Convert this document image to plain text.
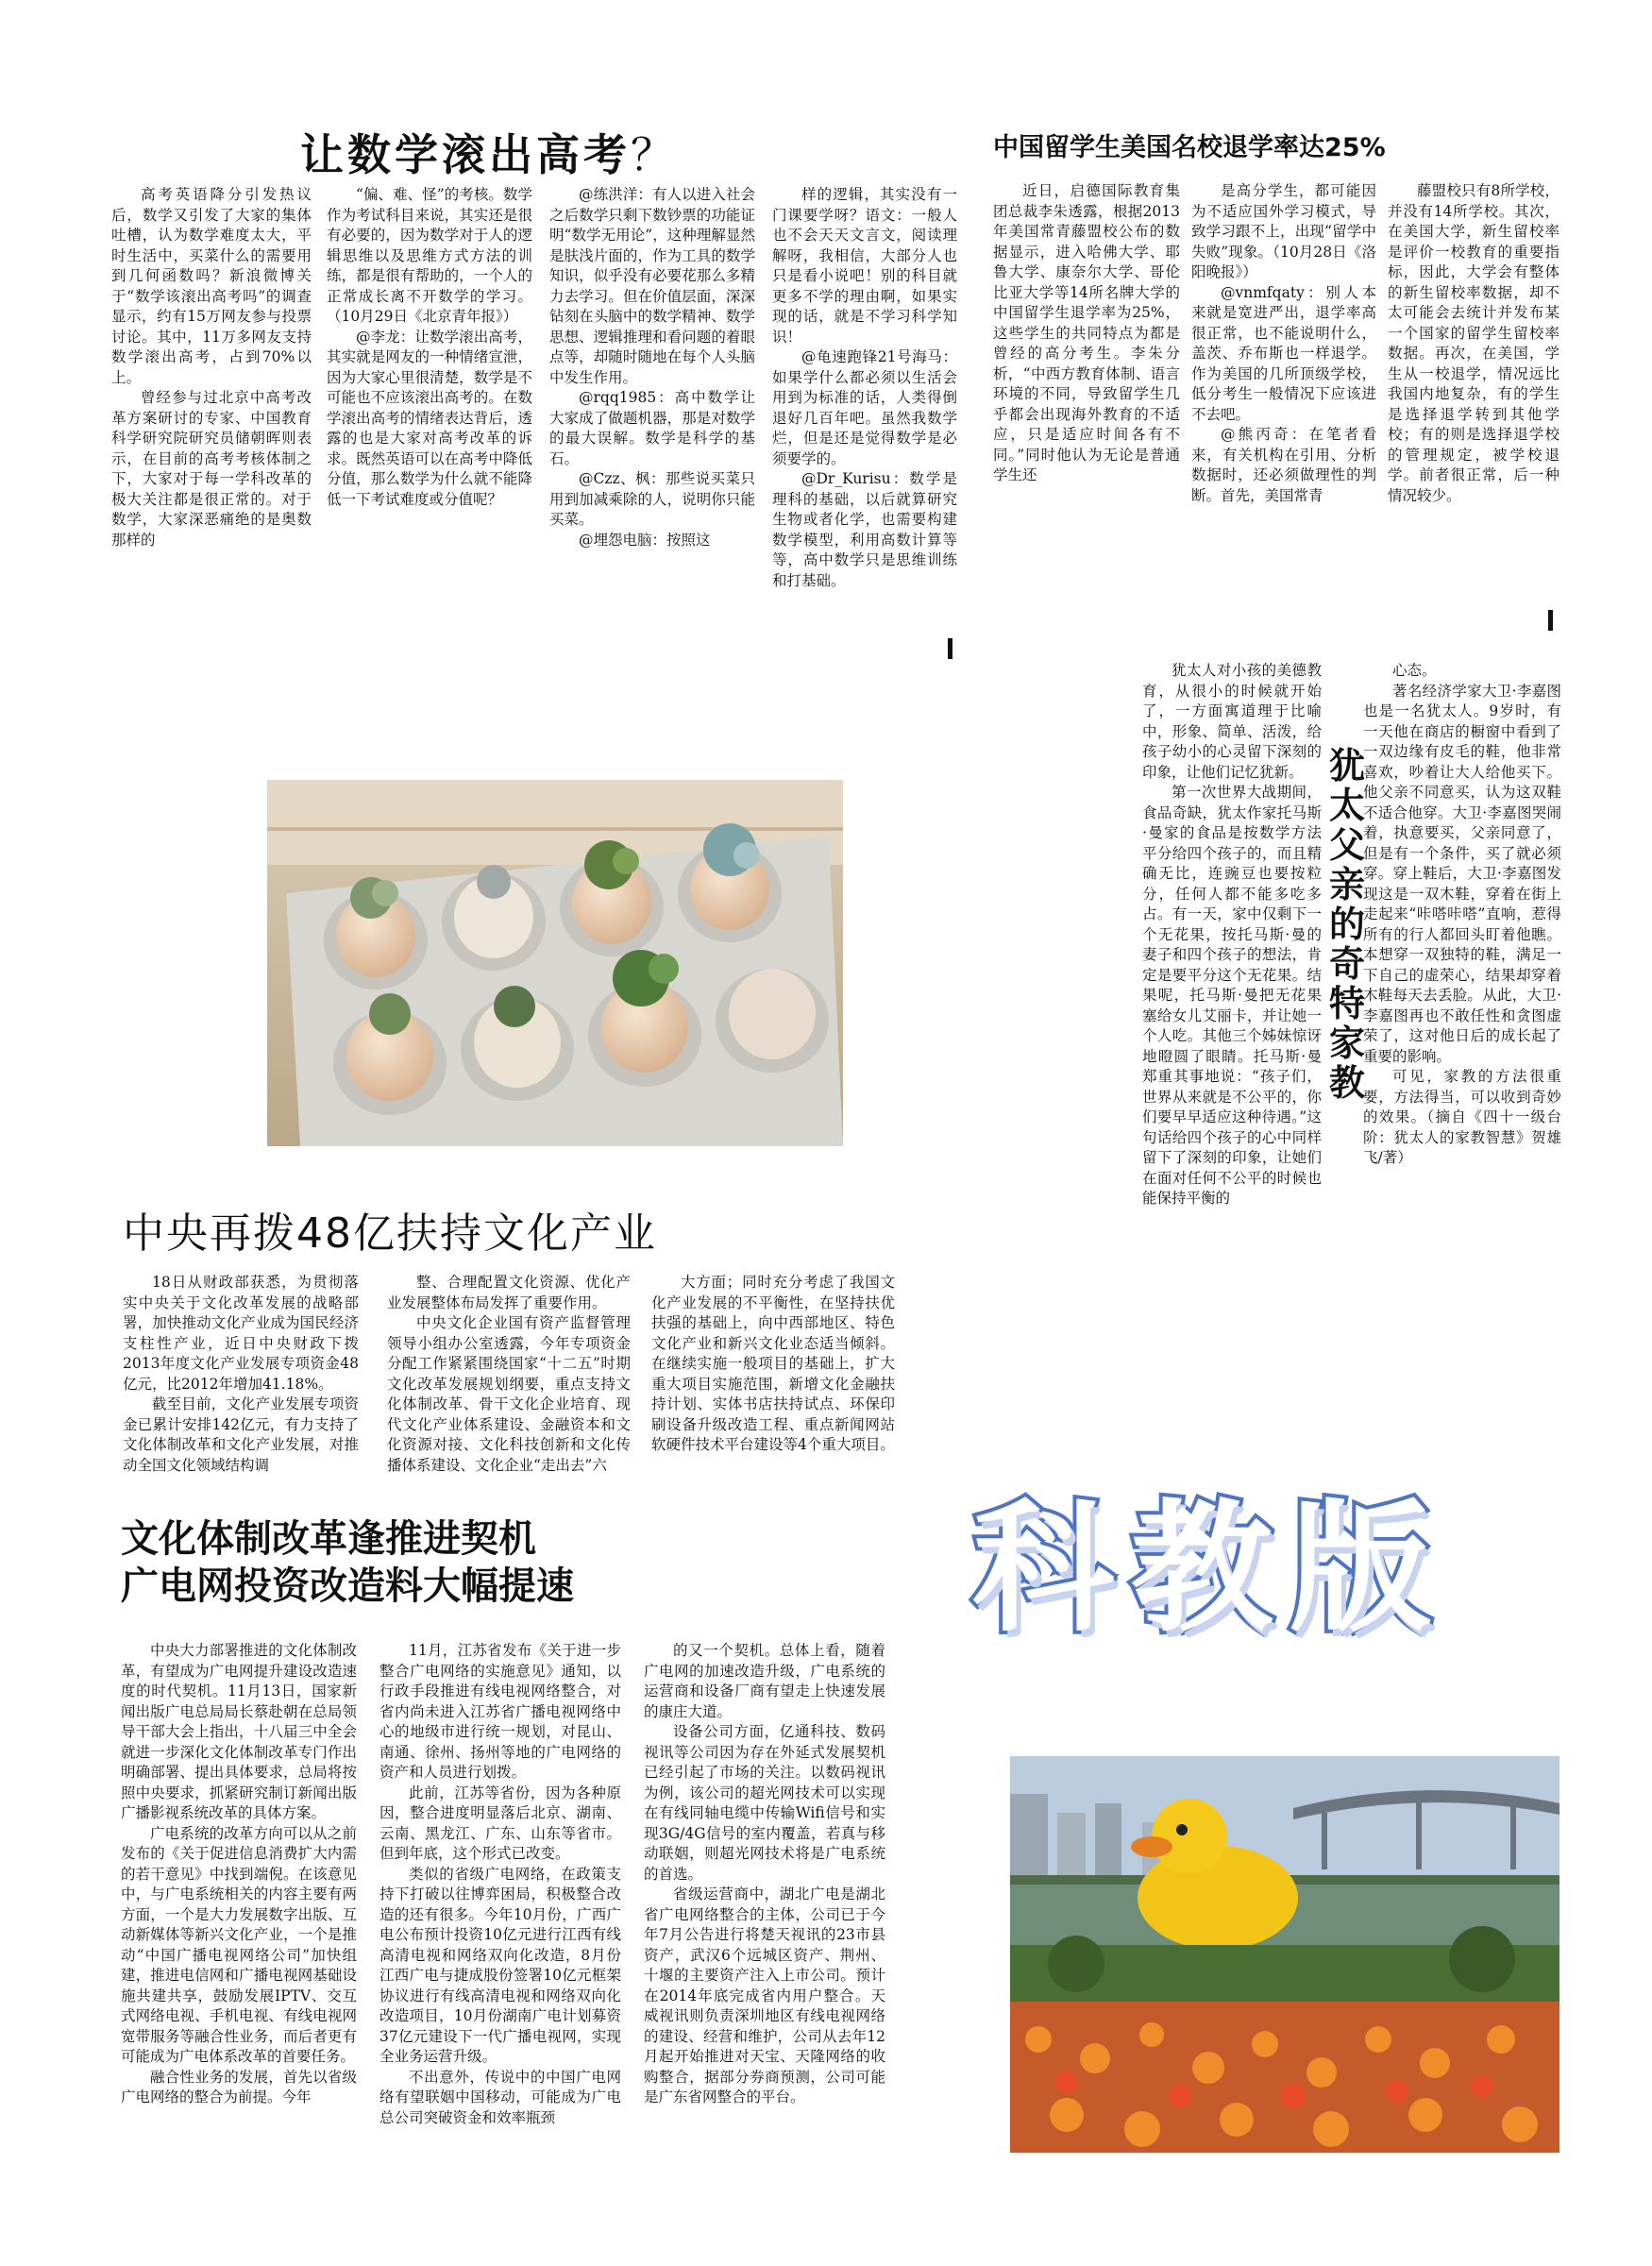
让数学滚出高考？

高考英语降分引发热议后，数学又引发了大家的集体吐槽，认为数学难度太大，平时生活中，买菜什么的需要用到几何函数吗？新浪微博关于“数学该滚出高考吗”的调查显示，约有15万网友参与投票讨论。其中，11万多网友支持数学滚出高考，占到70%以上。

曾经参与过北京中高考改革方案研讨的专家、中国教育科学研究院研究员储朝晖则表示，在目前的高考考核体制之下，大家对于每一学科改革的极大关注都是很正常的。对于数学，大家深恶痛绝的是奥数那样的

“偏、难、怪”的考核。数学作为考试科目来说，其实还是很有必要的，因为数学对于人的逻辑思维以及思维方式方法的训练，都是很有帮助的，一个人的正常成长离不开数学的学习。（10月29日《北京青年报》）

@李龙：让数学滚出高考，其实就是网友的一种情绪宣泄，因为大家心里很清楚，数学是不可能也不应该滚出高考的。在数学滚出高考的情绪表达背后，透露的也是大家对高考改革的诉求。既然英语可以在高考中降低分值，那么数学为什么就不能降低一下考试难度或分值呢？

@练洪洋：有人以进入社会之后数学只剩下数钞票的功能证明“数学无用论”，这种理解显然是肤浅片面的，作为工具的数学知识，似乎没有必要花那么多精力去学习。但在价值层面，深深钻刻在头脑中的数学精神、数学思想、逻辑推理和看问题的着眼点等，却随时随地在每个人头脑中发生作用。

@rqq1985：高中数学让大家成了做题机器，那是对数学的最大误解。数学是科学的基石。

@Czz、枫：那些说买菜只用到加减乘除的人，说明你只能买菜。

@埋怨电脑：按照这

样的逻辑，其实没有一门课要学呀？语文：一般人也不会天天文言文，阅读理解呀，我相信，大部分人也只是看小说吧！别的科目就更多不学的理由啊，如果实现的话，就是不学习科学知识！

@龟速跑锋21号海马：如果学什么都必须以生活会用到为标准的话，人类得倒退好几百年吧。虽然我数学烂，但是还是觉得数学是必须要学的。

@Dr_Kurisu：数学是理科的基础，以后就算研究生物或者化学，也需要构建数学模型，利用高数计算等等，高中数学只是思维训练和打基础。

中国留学生美国名校退学率达25%

近日，启德国际教育集团总裁李朱透露，根据2013年美国常青藤盟校公布的数据显示，进入哈佛大学、耶鲁大学、康奈尔大学、哥伦比亚大学等14所名牌大学的中国留学生退学率为25%，这些学生的共同特点为都是曾经的高分考生。李朱分析，“中西方教育体制、语言环境的不同，导致留学生几乎都会出现海外教育的不适应，只是适应时间各有不同。”同时他认为无论是普通学生还

是高分学生，都可能因为不适应国外学习模式，导致学习跟不上，出现“留学中失败”现象。（10月28日《洛阳晚报》）

@vnmfqaty：别人本来就是宽进严出，退学率高很正常，也不能说明什么，盖茨、乔布斯也一样退学。作为美国的几所顶级学校，低分考生一般情况下应该进不去吧。

@熊丙奇：在笔者看来，有关机构在引用、分析数据时，还必须做理性的判断。首先，美国常青

藤盟校只有8所学校，并没有14所学校。其次，在美国大学，新生留校率是评价一校教育的重要指标，因此，大学会有整体的新生留校率数据，却不太可能会去统计并发布某一个国家的留学生留校率数据。再次，在美国，学生从一校退学，情况远比我国内地复杂，有的学生是选择退学转到其他学校；有的则是选择退学校的管理规定，被学校退学。前者很正常，后一种情况较少。

犹太人对小孩的美德教育，从很小的时候就开始了，一方面寓道理于比喻中，形象、简单、活泼，给孩子幼小的心灵留下深刻的印象，让他们记忆犹新。

第一次世界大战期间，食品奇缺，犹太作家托马斯·曼家的食品是按数学方法平分给四个孩子的，而且精确无比，连豌豆也要按粒分，任何人都不能多吃多占。有一天，家中仅剩下一个无花果，按托马斯·曼的妻子和四个孩子的想法，肯定是要平分这个无花果。结果呢，托马斯·曼把无花果塞给女儿艾丽卡，并让她一个人吃。其他三个姊妹惊讶地瞪圆了眼睛。托马斯·曼郑重其事地说：“孩子们，世界从来就是不公平的，你们要早早适应这种待遇。”这句话给四个孩子的心中同样留下了深刻的印象，让她们在面对任何不公平的时候也能保持平衡的

犹太父亲的奇特家教

心态。

著名经济学家大卫·李嘉图也是一名犹太人。9岁时，有一天他在商店的橱窗中看到了一双边缘有皮毛的鞋，他非常喜欢，吵着让大人给他买下。他父亲不同意买，认为这双鞋不适合他穿。大卫·李嘉图哭闹着，执意要买，父亲同意了，但是有一个条件，买了就必须穿。穿上鞋后，大卫·李嘉图发现这是一双木鞋，穿着在街上走起来“咔嗒咔嗒”直响，惹得所有的行人都回头盯着他瞧。本想穿一双独特的鞋，满足一下自己的虚荣心，结果却穿着木鞋每天去丢脸。从此，大卫·李嘉图再也不敢任性和贪图虚荣了，这对他日后的成长起了重要的影响。

可见，家教的方法很重要，方法得当，可以收到奇妙的效果。（摘自《四十一级台阶：犹太人的家教智慧》贺雄飞/著）

中央再拨48亿扶持文化产业

18日从财政部获悉，为贯彻落实中央关于文化改革发展的战略部署，加快推动文化产业成为国民经济支柱性产业，近日中央财政下拨2013年度文化产业发展专项资金48亿元，比2012年增加41.18%。

截至目前，文化产业发展专项资金已累计安排142亿元，有力支持了文化体制改革和文化产业发展，对推动全国文化领域结构调

整、合理配置文化资源、优化产业发展整体布局发挥了重要作用。

中央文化企业国有资产监督管理领导小组办公室透露，今年专项资金分配工作紧紧围绕国家“十二五”时期文化改革发展规划纲要，重点支持文化体制改革、骨干文化企业培育、现代文化产业体系建设、金融资本和文化资源对接、文化科技创新和文化传播体系建设、文化企业“走出去”六

大方面；同时充分考虑了我国文化产业发展的不平衡性，在坚持扶优扶强的基础上，向中西部地区、特色文化产业和新兴文化业态适当倾斜。在继续实施一般项目的基础上，扩大重大项目实施范围，新增文化金融扶持计划、实体书店扶持试点、环保印刷设备升级改造工程、重点新闻网站软硬件技术平台建设等4个重大项目。

科教版
文化体制改革逢推进契机
广电网投资改造料大幅提速

中央大力部署推进的文化体制改革，有望成为广电网提升建设改造速度的时代契机。11月13日，国家新闻出版广电总局局长蔡赴朝在总局领导干部大会上指出，十八届三中全会就进一步深化文化体制改革专门作出明确部署、提出具体要求，总局将按照中央要求，抓紧研究制订新闻出版广播影视系统改革的具体方案。

广电系统的改革方向可以从之前发布的《关于促进信息消费扩大内需的若干意见》中找到端倪。在该意见中，与广电系统相关的内容主要有两方面，一个是大力发展数字出版、互动新媒体等新兴文化产业，一个是推动“中国广播电视网络公司”加快组建，推进电信网和广播电视网基础设施共建共享，鼓励发展IPTV、交互式网络电视、手机电视、有线电视网宽带服务等融合性业务，而后者更有可能成为广电体系改革的首要任务。

融合性业务的发展，首先以省级广电网络的整合为前提。今年

11月，江苏省发布《关于进一步整合广电网络的实施意见》通知，以行政手段推进有线电视网络整合，对省内尚未进入江苏省广播电视网络中心的地级市进行统一规划，对昆山、南通、徐州、扬州等地的广电网络的资产和人员进行划拨。

此前，江苏等省份，因为各种原因，整合进度明显落后北京、湖南、云南、黑龙江、广东、山东等省市。但到年底，这个形式已改变。

类似的省级广电网络，在政策支持下打破以往博弈困局，积极整合改造的还有很多。今年10月份，广西广电公布预计投资10亿元进行江西有线高清电视和网络双向化改造，8月份江西广电与捷成股份签署10亿元框架协议进行有线高清电视和网络双向化改造项目，10月份湖南广电计划募资37亿元建设下一代广播电视网，实现全业务运营升级。

不出意外，传说中的中国广电网络有望联姻中国移动，可能成为广电总公司突破资金和效率瓶颈

的又一个契机。总体上看，随着广电网的加速改造升级，广电系统的运营商和设备厂商有望走上快速发展的康庄大道。

设备公司方面，亿通科技、数码视讯等公司因为存在外延式发展契机已经引起了市场的关注。以数码视讯为例，该公司的超光网技术可以实现在有线同轴电缆中传输Wifi信号和实现3G/4G信号的室内覆盖，若真与移动联姻，则超光网技术将是广电系统的首选。

省级运营商中，湖北广电是湖北省广电网络整合的主体，公司已于今年7月公告进行将楚天视讯的23市县资产，武汉6个远城区资产、荆州、十堰的主要资产注入上市公司。预计在2014年底完成省内用户整合。天威视讯则负责深圳地区有线电视网络的建设、经营和维护，公司从去年12月起开始推进对天宝、天隆网络的收购整合，据部分券商预测，公司可能是广东省网整合的平台。
